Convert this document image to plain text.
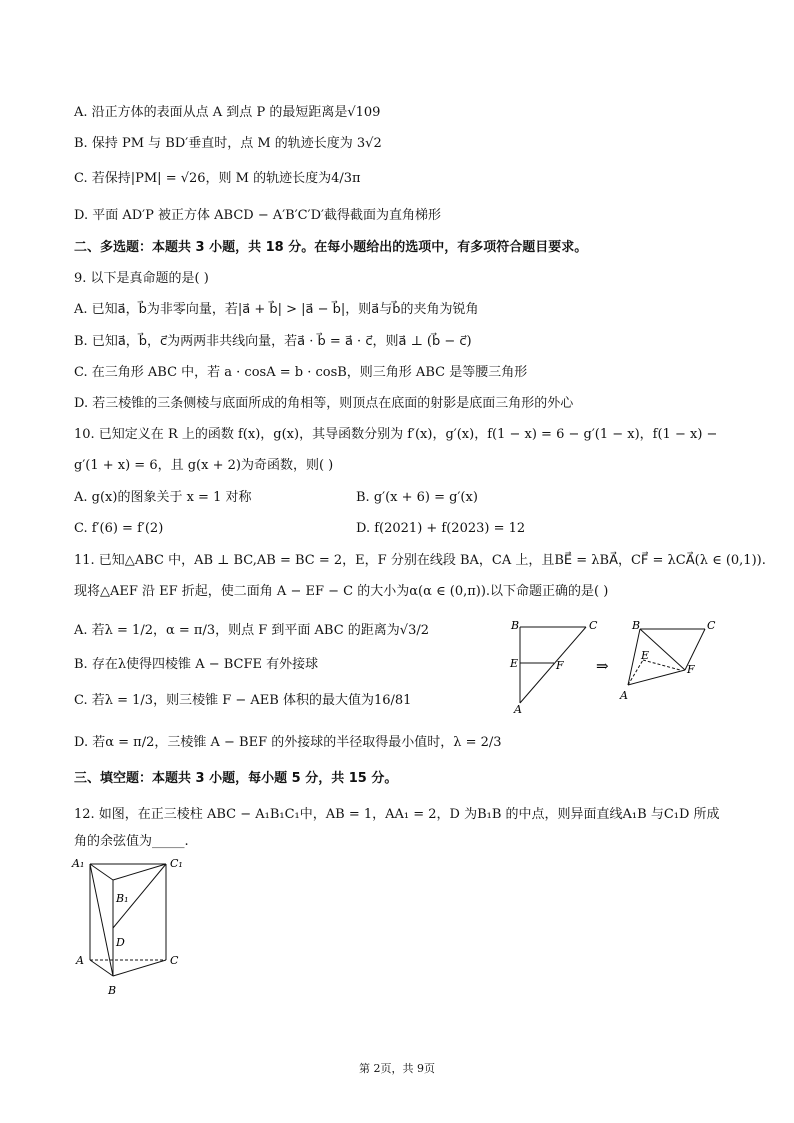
A. 沿正方体的表面从点 A 到点 P 的最短距离是√109
B. 保持 PM 与 BD′垂直时，点 M 的轨迹长度为 3√2
C. 若保持|PM| = √26，则 M 的轨迹长度为4/3π
D. 平面 AD′P 被正方体 ABCD − A′B′C′D′截得截面为直角梯形
二、多选题：本题共 3 小题，共 18 分。在每小题给出的选项中，有多项符合题目要求。
9. 以下是真命题的是( )
A. 已知a⃗，b⃗为非零向量，若|a⃗ + b⃗| > |a⃗ − b⃗|，则a⃗与b⃗的夹角为锐角
B. 已知a⃗，b⃗，c⃗为两两非共线向量，若a⃗ · b⃗ = a⃗ · c⃗，则a⃗ ⊥ (b⃗ − c⃗)
C. 在三角形 ABC 中，若 a · cosA = b · cosB，则三角形 ABC 是等腰三角形
D. 若三棱锥的三条侧棱与底面所成的角相等，则顶点在底面的射影是底面三角形的外心
10. 已知定义在 R 上的函数 f(x)，g(x)，其导函数分别为 f′(x)，g′(x)，f(1 − x) = 6 − g′(1 − x)，f(1 − x) −
g′(1 + x) = 6，且 g(x + 2)为奇函数，则( )
A. g(x)的图象关于 x = 1 对称	B. g′(x + 6) = g′(x)
C. f′(6) = f′(2)	D. f(2021) + f(2023) = 12
11. 已知△ABC 中，AB ⊥ BC,AB = BC = 2，E，F 分别在线段 BA，CA 上，且BE⃗ = λBA⃗，CF⃗ = λCA⃗(λ ∈ (0,1)).
现将△AEF 沿 EF 折起，使二面角 A − EF − C 的大小为α(α ∈ (0,π)).以下命题正确的是( )
A. 若λ = 1/2，α = π/3，则点 F 到平面 ABC 的距离为√3/2
B. 存在λ使得四棱锥 A − BCFE 有外接球
C. 若λ = 1/3，则三棱锥 F − AEB 体积的最大值为16/81
D. 若α = π/2，三棱锥 A − BEF 的外接球的半径取得最小值时，λ = 2/3
B	C
E	F
A
⇒
B	C
E
F
A
三、填空题：本题共 3 小题，每小题 5 分，共 15 分。
12. 如图，在正三棱柱 ABC − A₁B₁C₁中，AB = 1，AA₁ = 2，D 为B₁B 的中点，则异面直线A₁B 与C₁D 所成
角的余弦值为_____.
A₁	C₁
B₁
D
A	C
B
第 2页，共 9页
